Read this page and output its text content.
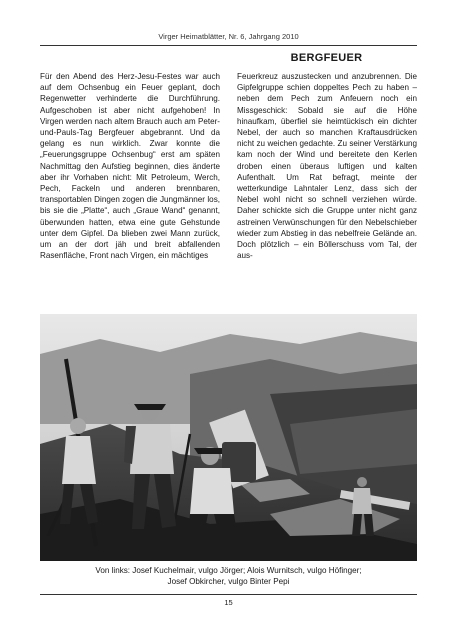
Virger Heimatblätter, Nr. 6, Jahrgang 2010
BERGFEUER

Für den Abend des Herz-Jesu-Festes war auch auf dem Ochsenbug ein Feuer geplant, doch Regenwetter verhinderte die Durchführung. Aufgeschoben ist aber nicht aufgehoben! In Virgen werden nach altem Brauch auch am Peter-und-Pauls-Tag Bergfeuer abgebrannt. Und da gelang es nun wirklich. Zwar konnte die „Feuerungsgruppe Ochsenbug“ erst am späten Nachmittag den Aufstieg beginnen, dies änderte aber ihr Vorhaben nicht: Mit Petroleum, Werch, Pech, Fackeln und anderen brennbaren, transportablen Dingen zogen die Jungmänner los, bis sie die „Platte“, auch „Graue Wand“ genannt, überwunden hatten, etwa eine gute Gehstunde unter dem Gipfel. Da blieben zwei Mann zurück, um an der dort jäh und breit abfallenden Rasenfläche, Front nach Virgen, ein mächtiges

Feuerkreuz auszustecken und anzubrennen. Die Gipfelgruppe schien doppeltes Pech zu haben – neben dem Pech zum Anfeuern noch ein Missgeschick: Sobald sie auf die Höhe hinaufkam, überfiel sie heimtückisch ein dichter Nebel, der auch so manchen Kraftausdrücken nicht zu weichen gedachte. Zu seiner Verstärkung kam noch der Wind und bereitete den Kerlen droben einen überaus luftigen und kalten Aufenthalt. Um Rat befragt, meinte der wetterkundige Lahntaler Lenz, dass sich der Nebel wohl nicht so schnell verziehen würde. Daher schickte sich die Gruppe unter nicht ganz astreinen Verwünschungen für den Nebelschieber wieder zum Abstieg in das nebelfreie Gelände an. Doch plötzlich – ein Böllerschuss vom Tal, der aus-

Von links: Josef Kuchelmair, vulgo Jörger; Alois Wurnitsch, vulgo Höfinger;
Josef Obkircher, vulgo Binter Pepi
15
